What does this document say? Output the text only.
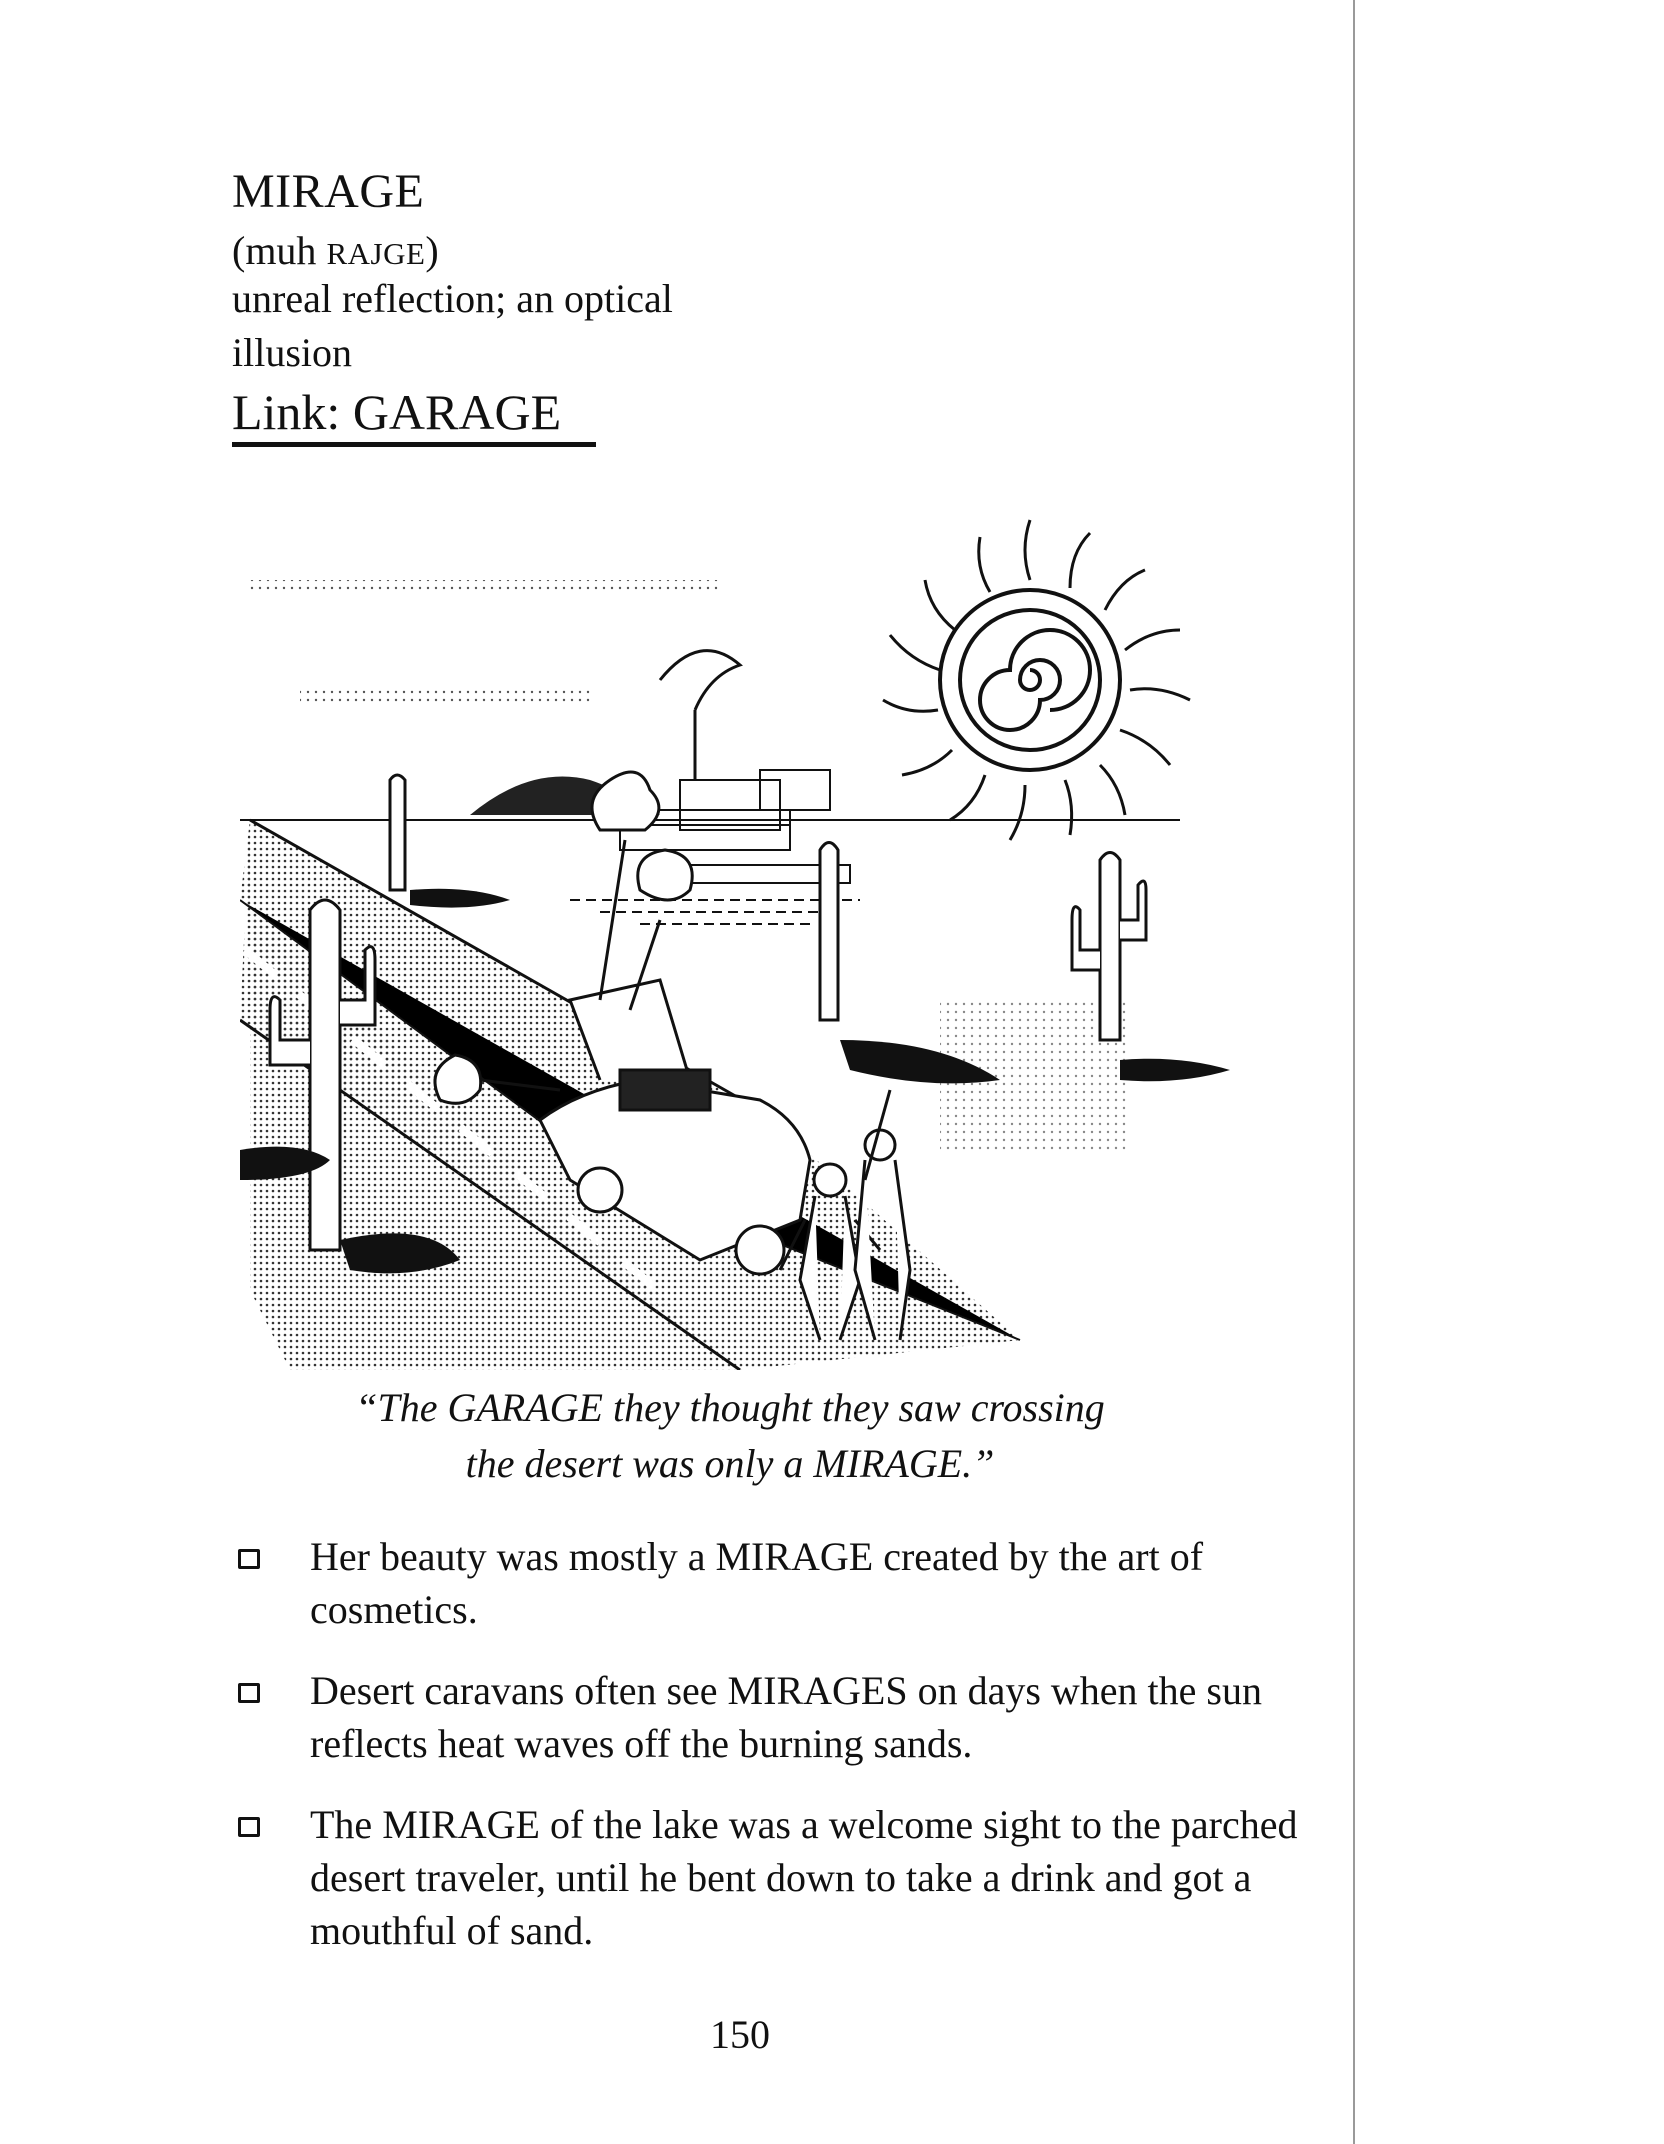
MIRAGE
(muh RAJGE)
unreal reflection; an optical illusion
Link: GARAGE
“The GARAGE they thought they saw crossing
the desert was only a MIRAGE.”
Her beauty was mostly a MIRAGE created by the art of cosmetics.
Desert caravans often see MIRAGES on days when the sun reflects heat waves off the burning sands.
The MIRAGE of the lake was a welcome sight to the parched desert traveler, until he bent down to take a drink and got a mouthful of sand.
150
